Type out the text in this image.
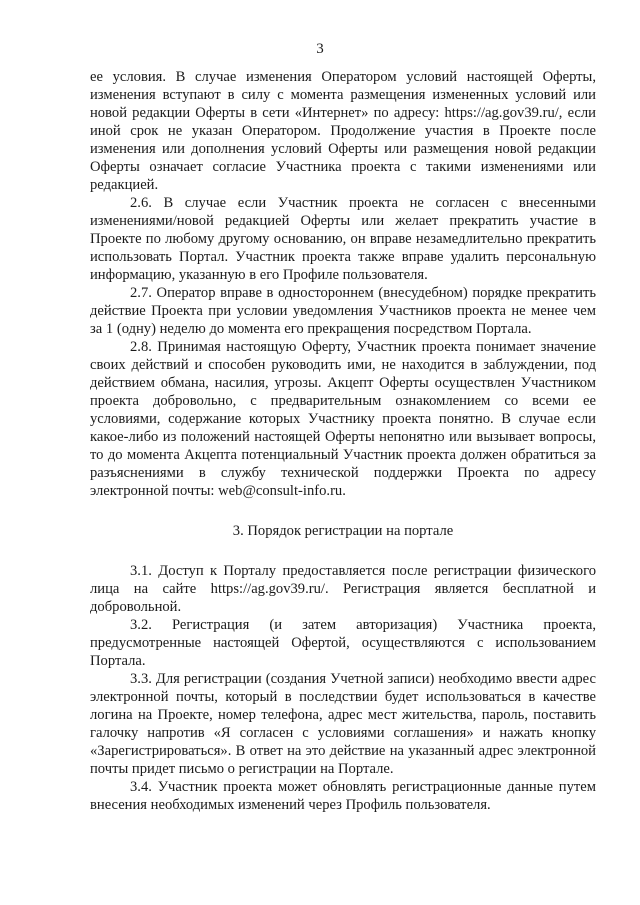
3

ее условия. В случае изменения Оператором условий настоящей Оферты, изменения вступают в силу с момента размещения измененных условий или новой редакции Оферты в сети «Интернет» по адресу: https://ag.gov39.ru/, если иной срок не указан Оператором. Продолжение участия в Проекте после изменения или дополнения условий Оферты или размещения новой редакции Оферты означает согласие Участника проекта с такими изменениями или редакцией.

2.6. В случае если Участник проекта не согласен с внесенными изменениями/новой редакцией Оферты или желает прекратить участие в Проекте по любому другому основанию, он вправе незамедлительно прекратить использовать Портал. Участник проекта также вправе удалить персональную информацию, указанную в его Профиле пользователя.

2.7. Оператор вправе в одностороннем (внесудебном) порядке прекратить действие Проекта при условии уведомления Участников проекта не менее чем за 1 (одну) неделю до момента его прекращения посредством Портала.

2.8. Принимая настоящую Оферту, Участник проекта понимает значение своих действий и способен руководить ими, не находится в заблуждении, под действием обмана, насилия, угрозы. Акцепт Оферты осуществлен Участником проекта добровольно, с предварительным ознакомлением со всеми ее условиями, содержание которых Участнику проекта понятно. В случае если какое-либо из положений настоящей Оферты непонятно или вызывает вопросы, то до момента Акцепта потенциальный Участник проекта должен обратиться за разъяснениями в службу технической поддержки Проекта по адресу электронной почты: web@consult-info.ru.

3. Порядок регистрации на портале

3.1. Доступ к Порталу предоставляется после регистрации физического лица на сайте https://ag.gov39.ru/. Регистрация является бесплатной и добровольной.

3.2. Регистрация (и затем авторизация) Участника проекта, предусмотренные настоящей Офертой, осуществляются с использованием Портала.

3.3. Для регистрации (создания Учетной записи) необходимо ввести адрес электронной почты, который в последствии будет использоваться в качестве логина на Проекте, номер телефона, адрес мест жительства, пароль, поставить галочку напротив «Я согласен с условиями соглашения» и нажать кнопку «Зарегистрироваться». В ответ на это действие на указанный адрес электронной почты придет письмо о регистрации на Портале.

3.4. Участник проекта может обновлять регистрационные данные путем внесения необходимых изменений через Профиль пользователя.
